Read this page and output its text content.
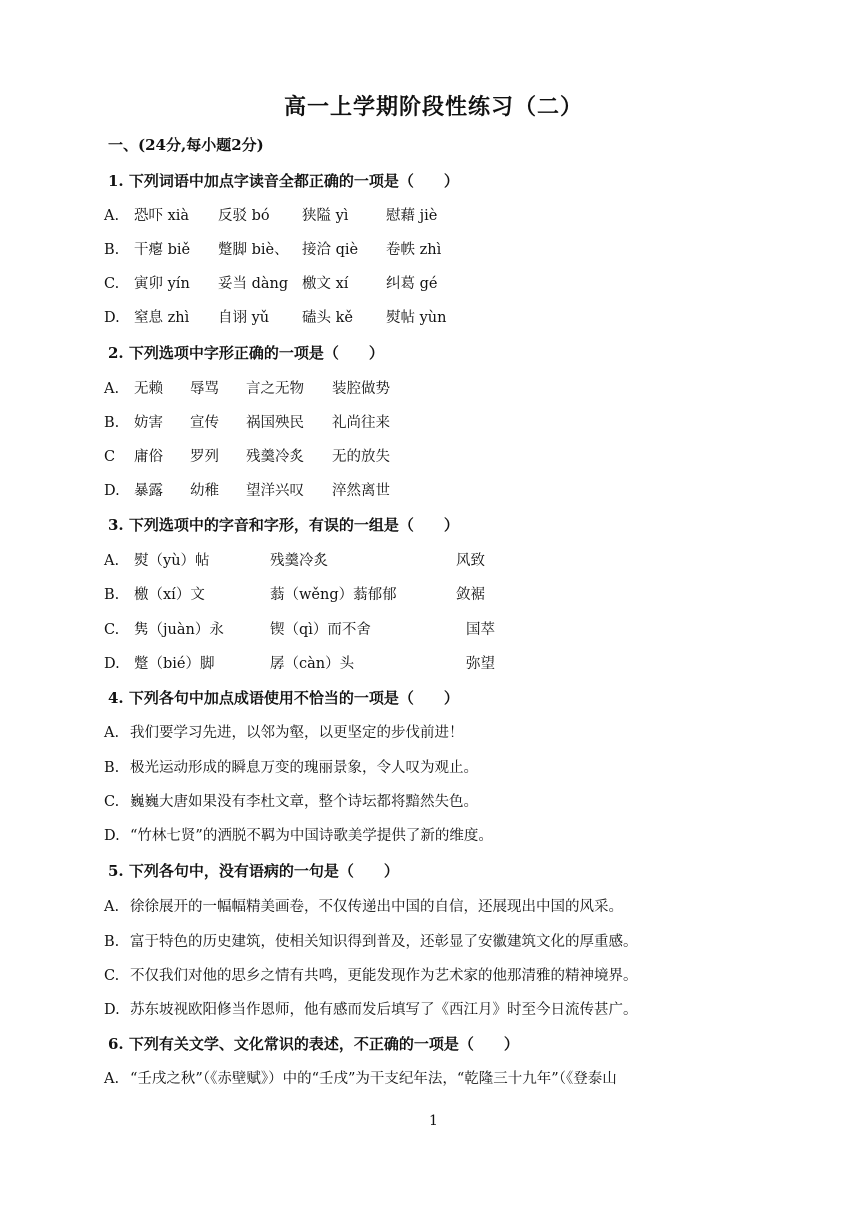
高一上学期阶段性练习（二）
一、(24分,每小题2分)
1. 下列词语中加点字读音全都正确的一项是（　　）
A. 恐吓 xià 反驳 bó 狭隘 yì	慰藉 jiè
B. 干瘪 biě 蹩脚 biè、 接洽 qiè 卷帙 zhì
C. 寅卯 yín 妥当 dàng 檄文 xí	纠葛 gé
D. 窒息 zhì 自诩 yǔ 磕头 kě 熨帖 yùn
2. 下列选项中字形正确的一项是（　　）
A. 无赖 辱骂 言之无物 装腔做势
B. 妨害 宣传 祸国殃民 礼尚往来
C 庸俗 罗列 残羹冷炙 无的放失
D. 暴露 幼稚 望洋兴叹 淬然离世
3. 下列选项中的字音和字形，有误的一组是（　　）
A. 熨（yù）帖	残羹冷炙	风致
B. 檄（xí）文	蓊（wěng）蓊郁郁	敛裾
C. 隽（juàn）永	锲（qì）而不舍	国萃
D. 蹩（bié）脚	孱（càn）头	弥望
4. 下列各句中加点成语使用不恰当的一项是（　　）
A. 我们要学习先进，以邻为壑，以更坚定的步伐前进！
B. 极光运动形成的瞬息万变的瑰丽景象，令人叹为观止。
C. 巍巍大唐如果没有李杜文章，整个诗坛都将黯然失色。
D. “竹林七贤”的洒脱不羁为中国诗歌美学提供了新的维度。
5. 下列各句中，没有语病的一句是（　　）
A. 徐徐展开的一幅幅精美画卷，不仅传递出中国的自信，还展现出中国的风采。
B. 富于特色的历史建筑，使相关知识得到普及，还彰显了安徽建筑文化的厚重感。
C. 不仅我们对他的思乡之情有共鸣，更能发现作为艺术家的他那清雅的精神境界。
D. 苏东坡视欧阳修当作恩师，他有感而发后填写了《西江月》时至今日流传甚广。
6. 下列有关文学、文化常识的表述，不正确的一项是（　　）
A. “壬戌之秋”（《赤壁赋》）中的“壬戌”为干支纪年法，“乾隆三十九年”（《登泰山
1
